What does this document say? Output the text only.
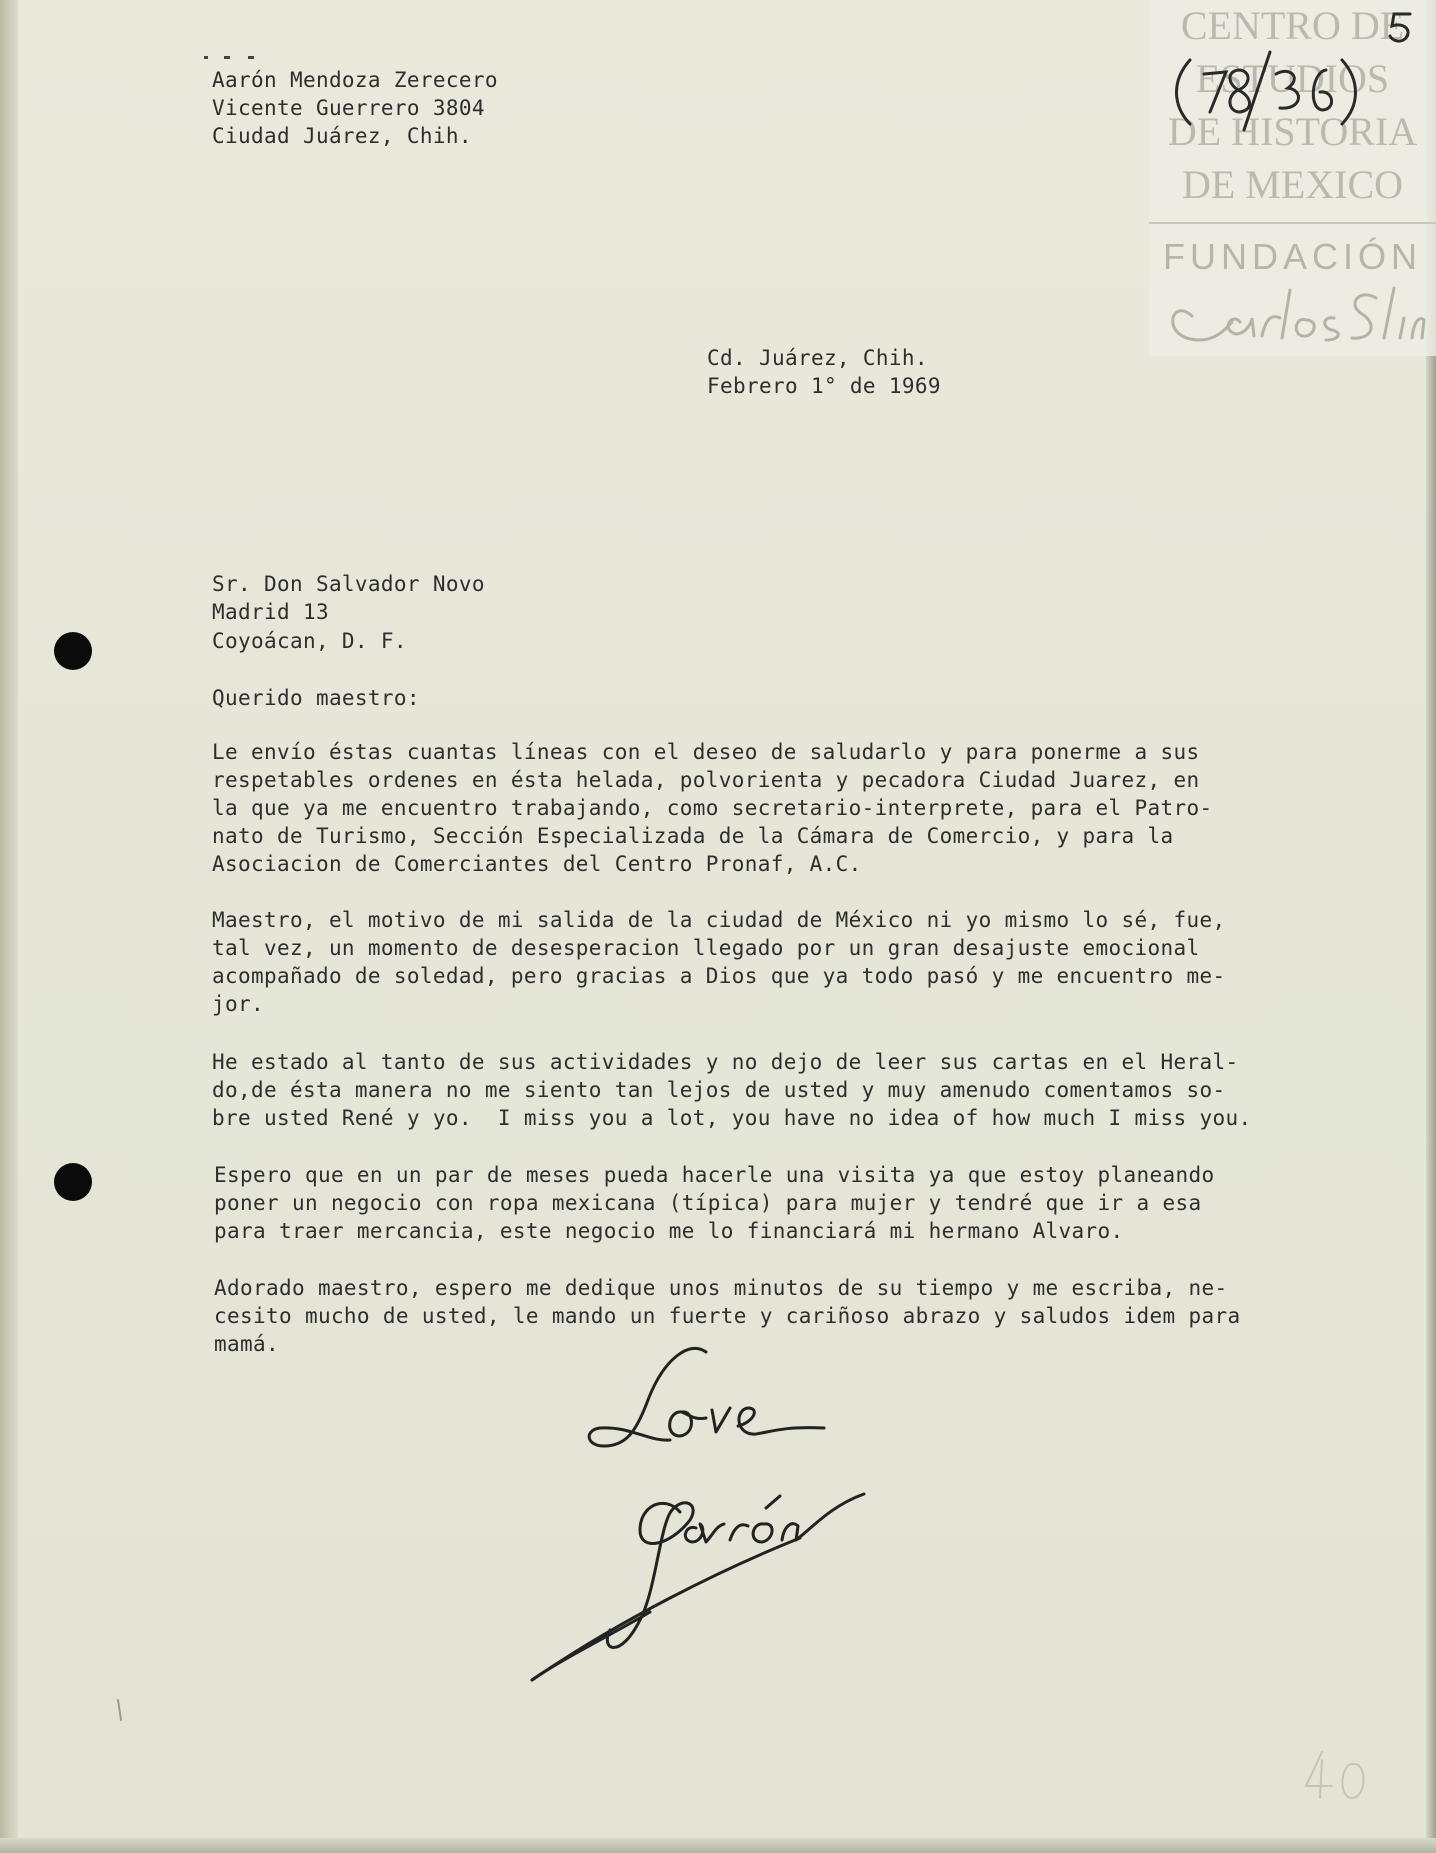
CENTRO DE
ESTUDIOS
DE HISTORIA
DE MEXICO
FUNDACIÓN
Aarón Mendoza Zerecero
Vicente Guerrero 3804
Ciudad Juárez, Chih.
Cd. Juárez, Chih.
Febrero 1° de 1969
Sr. Don Salvador Novo
Madrid 13
Coyoácan, D. F.
Querido maestro:
Le envío éstas cuantas líneas con el deseo de saludarlo y para ponerme a sus
respetables ordenes en ésta helada, polvorienta y pecadora Ciudad Juarez, en
la que ya me encuentro trabajando, como secretario-interprete, para el Patro-
nato de Turismo, Sección Especializada de la Cámara de Comercio, y para la
Asociacion de Comerciantes del Centro Pronaf, A.C.
Maestro, el motivo de mi salida de la ciudad de México ni yo mismo lo sé, fue,
tal vez, un momento de desesperacion llegado por un gran desajuste emocional
acompañado de soledad, pero gracias a Dios que ya todo pasó y me encuentro me-
jor.
He estado al tanto de sus actividades y no dejo de leer sus cartas en el Heral-
do,de ésta manera no me siento tan lejos de usted y muy amenudo comentamos so-
bre usted René y yo.  I miss you a lot, you have no idea of how much I miss you.
Espero que en un par de meses pueda hacerle una visita ya que estoy planeando
poner un negocio con ropa mexicana (típica) para mujer y tendré que ir a esa
para traer mercancia, este negocio me lo financiará mi hermano Alvaro.
Adorado maestro, espero me dedique unos minutos de su tiempo y me escriba, ne-
cesito mucho de usted, le mando un fuerte y cariñoso abrazo y saludos idem para
mamá.
